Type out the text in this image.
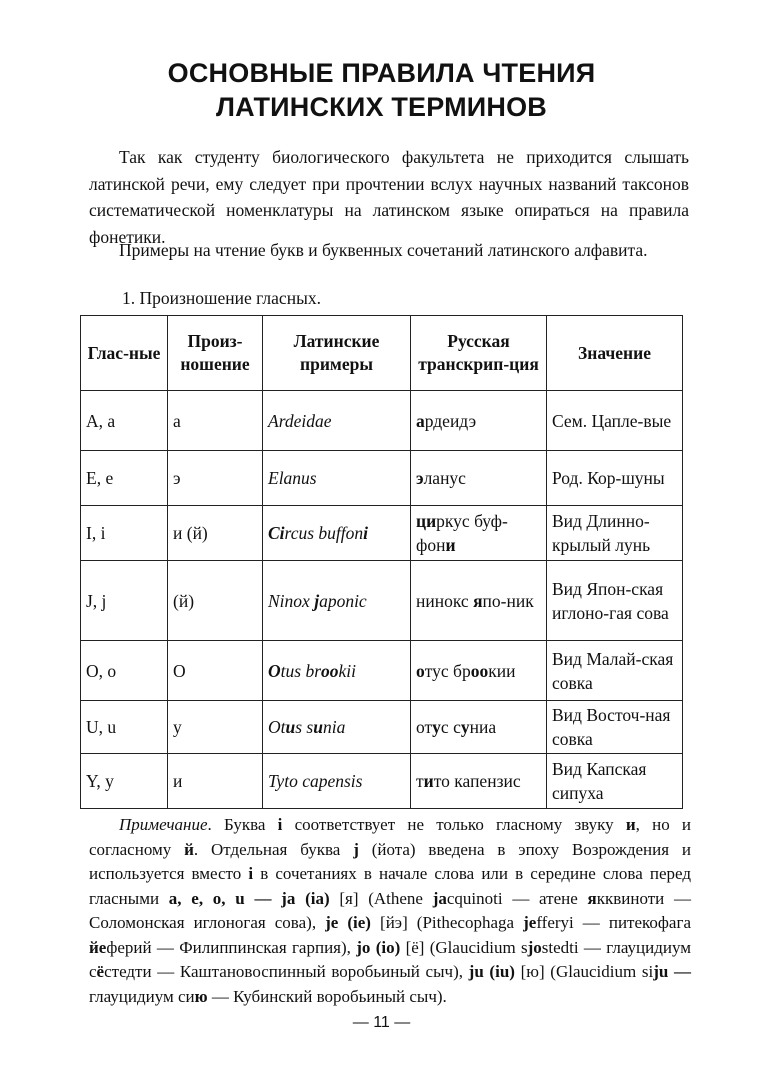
ОСНОВНЫЕ ПРАВИЛА ЧТЕНИЯ
ЛАТИНСКИХ ТЕРМИНОВ
Так как студенту биологического факультета не приходится слышать латинской речи, ему следует при прочтении вслух научных названий таксонов систематической номенклатуры на латинском языке опираться на правила фонетики.
Примеры на чтение букв и буквенных сочетаний латинского алфавита.
1. Произношение гласных.
Глас-ные	Произ-ношение	Латинские примеры	Русская транскрип-ция	Значение
A, a	а	Ardeidae	ардеидэ	Сем. Цапле-вые
E, e	э	Elanus	эланус	Род. Кор-шуны
I, i	и (й)	Circus buffoni	циркус буф-фони	Вид Длинно-крылый лунь
J, j	(й)	Ninox japonic	нинокс япо-ник	Вид Япон-ская иглоно-гая сова
O, o	О	Otus brookii	отус броокии	Вид Малай-ская совка
U, u	у	Otus sunia	отус суниа	Вид Восточ-ная совка
Y, y	и	Tyto capensis	тито капензис	Вид Капская сипуха
Примечание. Буква i соответствует не только гласному звуку и, но и согласному й. Отдельная буква j (йота) введена в эпоху Возрождения и используется вместо i в сочетаниях в начале слова или в середине слова перед гласными a, e, o, u — ja (ia) [я] (Athene jacquinoti — атене якквиноти — Соломонская иглоногая сова), je (ie) [йэ] (Pithecophaga jefferyi — питекофага йеферий — Филиппинская гарпия), jo (io) [ё] (Glaucidium sjostedti — глауцидиум сёстедти — Каштановоспинный воробьиный сыч), ju (iu) [ю] (Glaucidium siju — глауцидиум сию — Кубинский воробьиный сыч).
— 11 —
